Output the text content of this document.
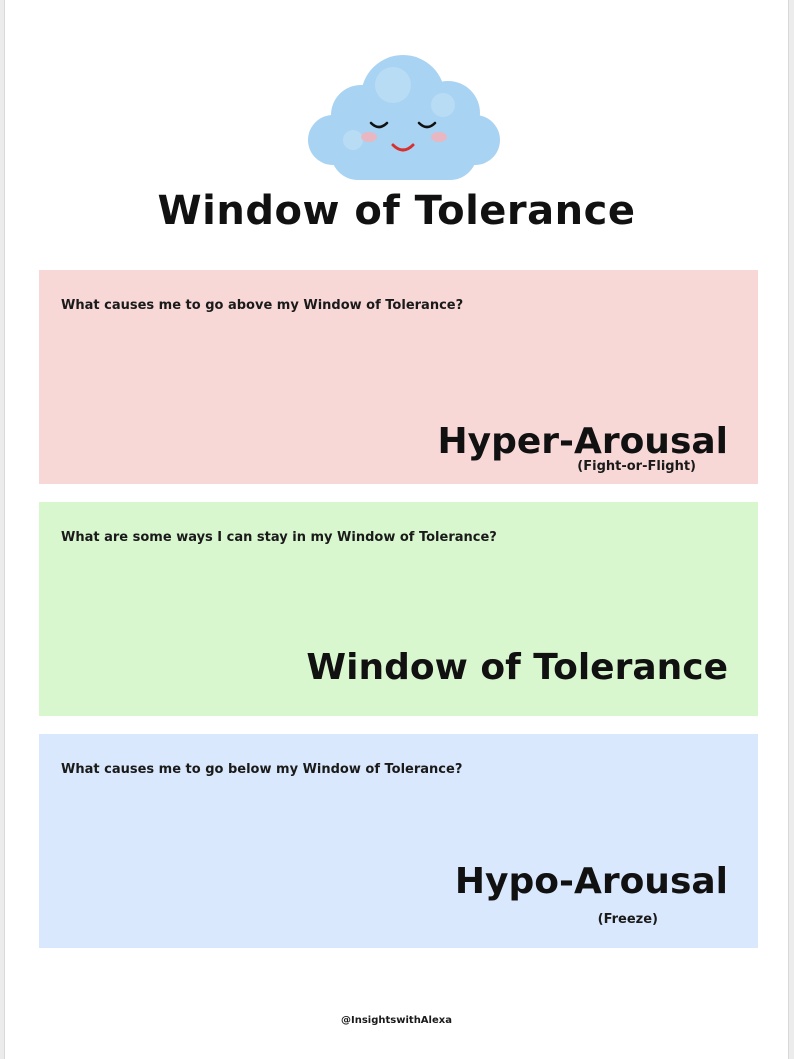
Window of Tolerance
What causes me to go above my Window of Tolerance?
Hyper-Arousal
(Fight-or-Flight)
What are some ways I can stay in my Window of Tolerance?
Window of Tolerance
What causes me to go below my Window of Tolerance?
Hypo-Arousal
(Freeze)
@InsightswithAlexa
